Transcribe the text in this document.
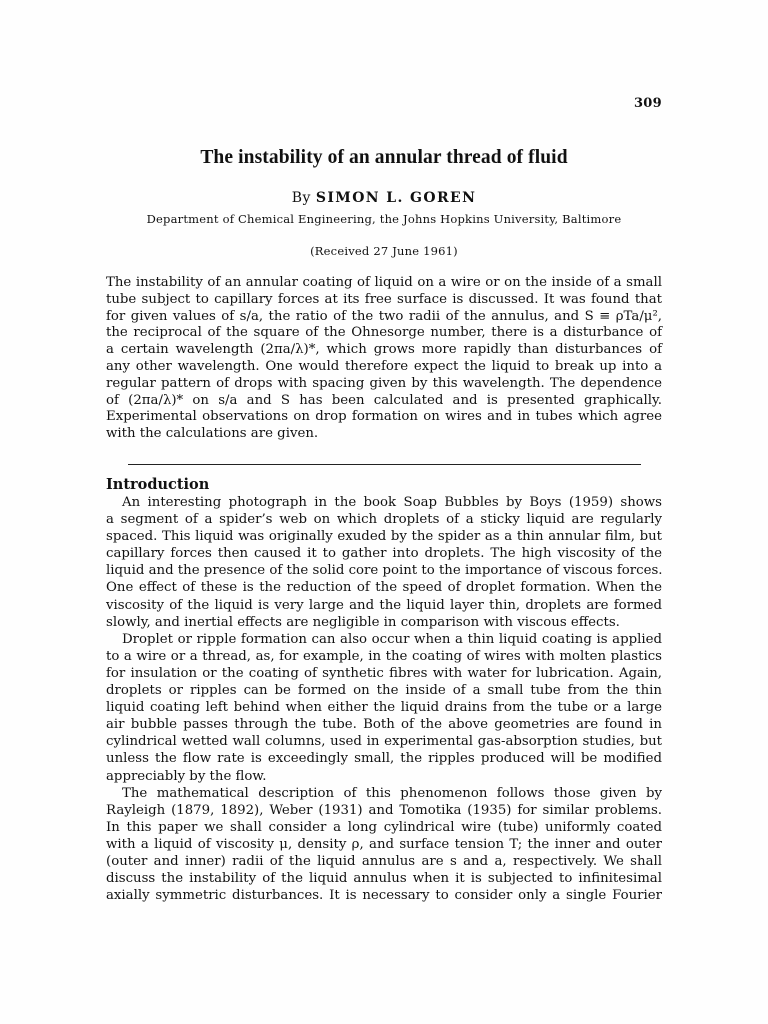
309
The instability of an annular thread of fluid
By SIMON L. GOREN
Department of Chemical Engineering, the Johns Hopkins University, Baltimore
(Received 27 June 1961)
The instability of an annular coating of liquid on a wire or on the inside of a small
tube subject to capillary forces at its free surface is discussed. It was found that
for given values of s/a, the ratio of the two radii of the annulus, and S ≡ ρTa/μ²,
the reciprocal of the square of the Ohnesorge number, there is a disturbance of
a certain wavelength (2πa/λ)*, which grows more rapidly than disturbances of
any other wavelength. One would therefore expect the liquid to break up into a
regular pattern of drops with spacing given by this wavelength. The dependence
of (2πa/λ)* on s/a and S has been calculated and is presented graphically.
Experimental observations on drop formation on wires and in tubes which agree
with the calculations are given.
Introduction
An interesting photograph in the book Soap Bubbles by Boys (1959) shows
a segment of a spider’s web on which droplets of a sticky liquid are regularly
spaced. This liquid was originally exuded by the spider as a thin annular film, but
capillary forces then caused it to gather into droplets. The high viscosity of the
liquid and the presence of the solid core point to the importance of viscous forces.
One effect of these is the reduction of the speed of droplet formation. When the
viscosity of the liquid is very large and the liquid layer thin, droplets are formed
slowly, and inertial effects are negligible in comparison with viscous effects.
Droplet or ripple formation can also occur when a thin liquid coating is applied
to a wire or a thread, as, for example, in the coating of wires with molten plastics
for insulation or the coating of synthetic fibres with water for lubrication. Again,
droplets or ripples can be formed on the inside of a small tube from the thin
liquid coating left behind when either the liquid drains from the tube or a large
air bubble passes through the tube. Both of the above geometries are found in
cylindrical wetted wall columns, used in experimental gas-absorption studies, but
unless the flow rate is exceedingly small, the ripples produced will be modified
appreciably by the flow.
The mathematical description of this phenomenon follows those given by
Rayleigh (1879, 1892), Weber (1931) and Tomotika (1935) for similar problems.
In this paper we shall consider a long cylindrical wire (tube) uniformly coated
with a liquid of viscosity μ, density ρ, and surface tension T; the inner and outer
(outer and inner) radii of the liquid annulus are s and a, respectively. We shall
discuss the instability of the liquid annulus when it is subjected to infinitesimal
axially symmetric disturbances. It is necessary to consider only a single Fourier
